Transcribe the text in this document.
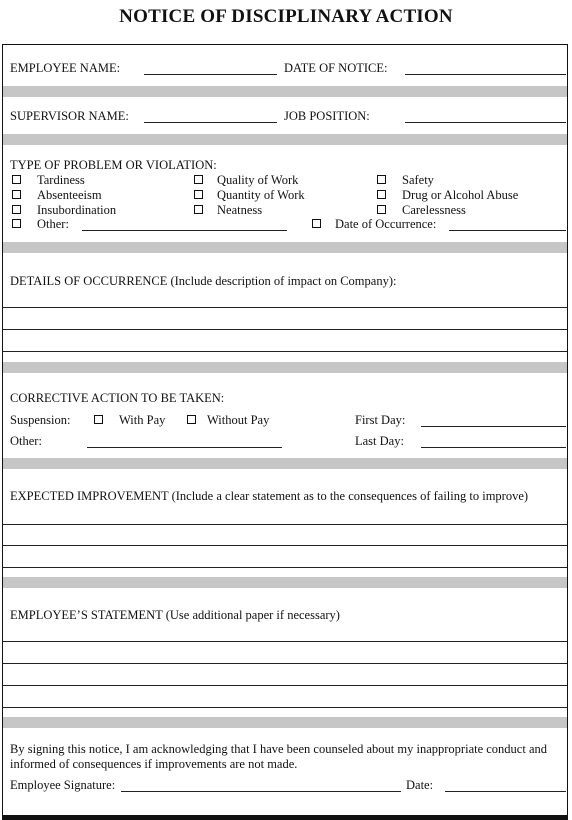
NOTICE OF DISCIPLINARY ACTION
EMPLOYEE NAME:	DATE OF NOTICE:
SUPERVISOR NAME:	JOB POSITION:
TYPE OF PROBLEM OR VIOLATION:
Tardiness	Quality of Work	Safety
Absenteeism	Quantity of Work	Drug or Alcohol Abuse
Insubordination	Neatness	Carelessness
Other:	Date of Occurrence:
DETAILS OF OCCURRENCE (Include description of impact on Company):
CORRECTIVE ACTION TO BE TAKEN:
Suspension:	With Pay	Without Pay	First Day:
Other:	Last Day:
EXPECTED IMPROVEMENT (Include a clear statement as to the consequences of failing to improve)
EMPLOYEE’S STATEMENT (Use additional paper if necessary)
By signing this notice, I am acknowledging that I have been counseled about my inappropriate conduct and
informed of consequences if improvements are not made.
Employee Signature:	Date:
